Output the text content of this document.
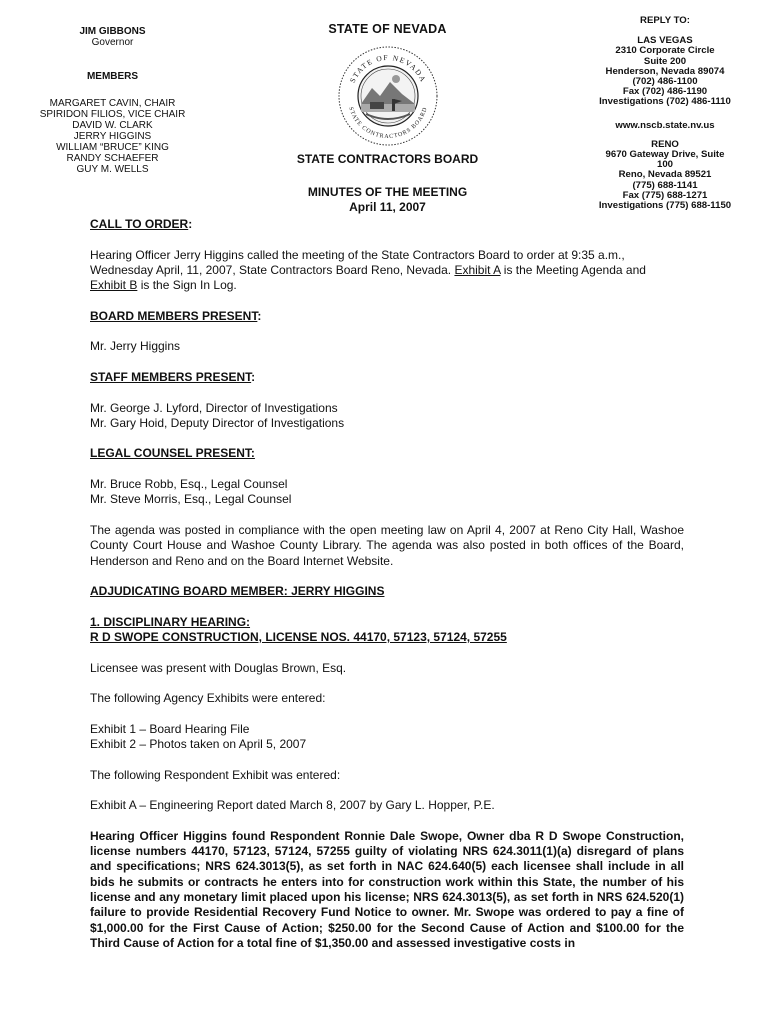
JIM GIBBONS
Governor
MEMBERS
MARGARET CAVIN, CHAIR
SPIRIDON FILIOS, VICE CHAIR
DAVID W. CLARK
JERRY HIGGINS
WILLIAM “BRUCE” KING
RANDY SCHAEFER
GUY M. WELLS
STATE OF NEVADA
STATE OF NEVADA
STATE CONTRACTORS BOARD
STATE CONTRACTORS BOARD
MINUTES OF THE MEETING
April 11, 2007
REPLY TO:
LAS VEGAS
2310 Corporate Circle
Suite 200
Henderson, Nevada 89074
(702) 486-1100
Fax (702) 486-1190
Investigations (702) 486-1110
www.nscb.state.nv.us
RENO
9670 Gateway Drive, Suite
100
Reno, Nevada 89521
(775) 688-1141
Fax (775) 688-1271
Investigations (775) 688-1150

CALL TO ORDER:

Hearing Officer Jerry Higgins called the meeting of the State Contractors Board to order at 9:35 a.m., Wednesday April, 11, 2007, State Contractors Board Reno, Nevada. Exhibit A is the Meeting Agenda and Exhibit B is the Sign In Log.

BOARD MEMBERS PRESENT:

Mr. Jerry Higgins

STAFF MEMBERS PRESENT:

Mr. George J. Lyford, Director of Investigations
Mr. Gary Hoid, Deputy Director of Investigations

LEGAL COUNSEL PRESENT:

Mr. Bruce Robb, Esq., Legal Counsel
Mr. Steve Morris, Esq., Legal Counsel

The agenda was posted in compliance with the open meeting law on April 4, 2007 at Reno City Hall, Washoe County Court House and Washoe County Library. The agenda was also posted in both offices of the Board, Henderson and Reno and on the Board Internet Website.

ADJUDICATING BOARD MEMBER: JERRY HIGGINS

1. DISCIPLINARY HEARING:
R D SWOPE CONSTRUCTION, LICENSE NOS. 44170, 57123, 57124, 57255

Licensee was present with Douglas Brown, Esq.

The following Agency Exhibits were entered:

Exhibit 1 – Board Hearing File
Exhibit 2 – Photos taken on April 5, 2007

The following Respondent Exhibit was entered:

Exhibit A – Engineering Report dated March 8, 2007 by Gary L. Hopper, P.E.

Hearing Officer Higgins found Respondent Ronnie Dale Swope, Owner dba R D Swope Construction, license numbers 44170, 57123, 57124, 57255 guilty of violating NRS 624.3011(1)(a) disregard of plans and specifications; NRS 624.3013(5), as set forth in NAC 624.640(5) each licensee shall include in all bids he submits or contracts he enters into for construction work within this State, the number of his license and any monetary limit placed upon his license; NRS 624.3013(5), as set forth in NRS 624.520(1) failure to provide Residential Recovery Fund Notice to owner. Mr. Swope was ordered to pay a fine of $1,000.00 for the First Cause of Action; $250.00 for the Second Cause of Action and $100.00 for the Third Cause of Action for a total fine of $1,350.00 and assessed investigative costs in
